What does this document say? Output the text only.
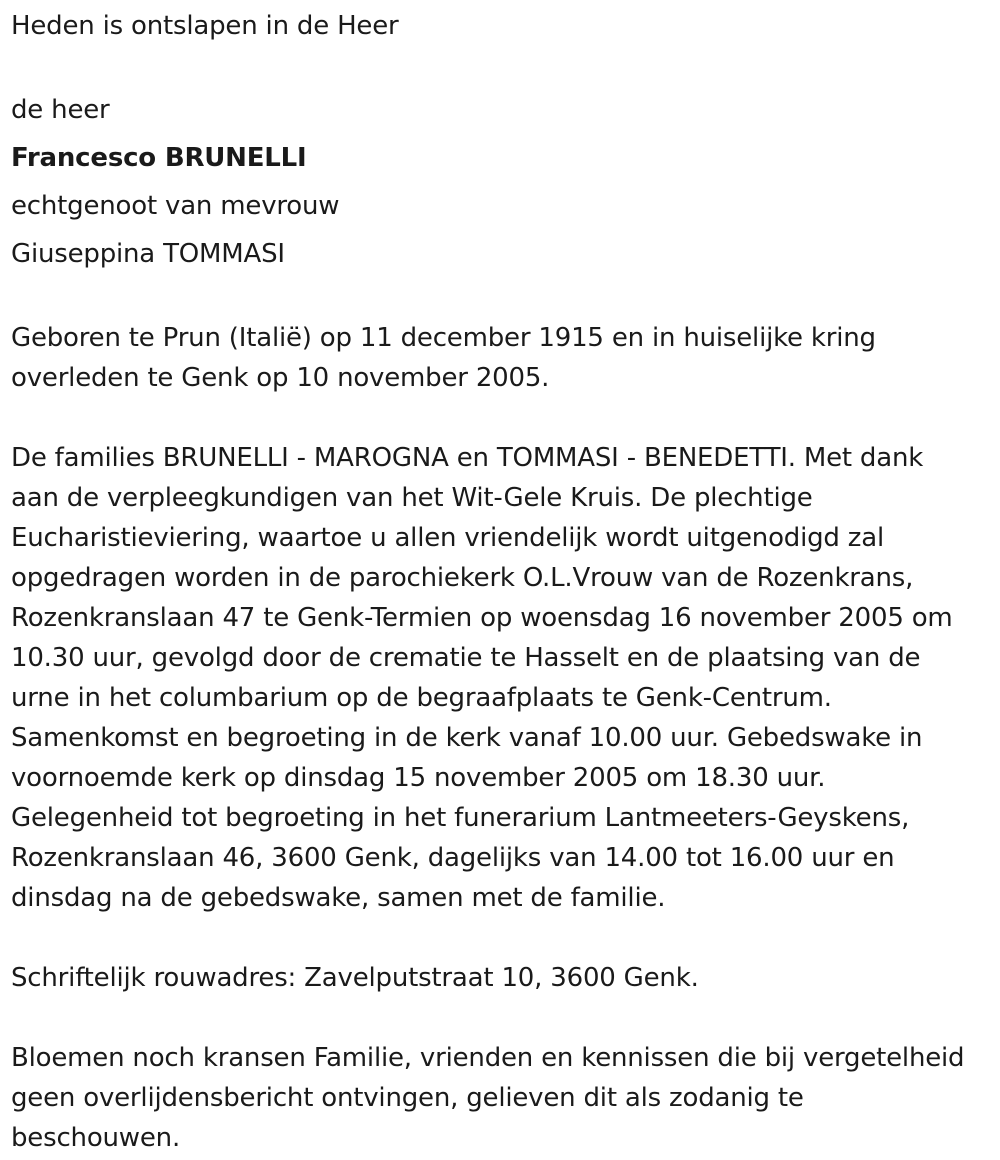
Heden is ontslapen in de Heer

de heer

Francesco BRUNELLI

echtgenoot van mevrouw

Giuseppina TOMMASI

Geboren te Prun (Italië) op 11 december 1915 en in huiselijke kring
overleden te Genk op 10 november 2005.
De families BRUNELLI - MAROGNA en TOMMASI - BENEDETTI. Met dank
aan de verpleegkundigen van het Wit-Gele Kruis. De plechtige
Eucharistieviering, waartoe u allen vriendelijk wordt uitgenodigd zal
opgedragen worden in de parochiekerk O.L.Vrouw van de Rozenkrans,
Rozenkranslaan 47 te Genk-Termien op woensdag 16 november 2005 om
10.30 uur, gevolgd door de crematie te Hasselt en de plaatsing van de
urne in het columbarium op de begraafplaats te Genk-Centrum.
Samenkomst en begroeting in de kerk vanaf 10.00 uur. Gebedswake in
voornoemde kerk op dinsdag 15 november 2005 om 18.30 uur.
Gelegenheid tot begroeting in het funerarium Lantmeeters-Geyskens,
Rozenkranslaan 46, 3600 Genk, dagelijks van 14.00 tot 16.00 uur en
dinsdag na de gebedswake, samen met de familie.
Schriftelijk rouwadres: Zavelputstraat 10, 3600 Genk.
Bloemen noch kransen Familie, vrienden en kennissen die bij vergetelheid
geen overlijdensbericht ontvingen, gelieven dit als zodanig te
beschouwen.
